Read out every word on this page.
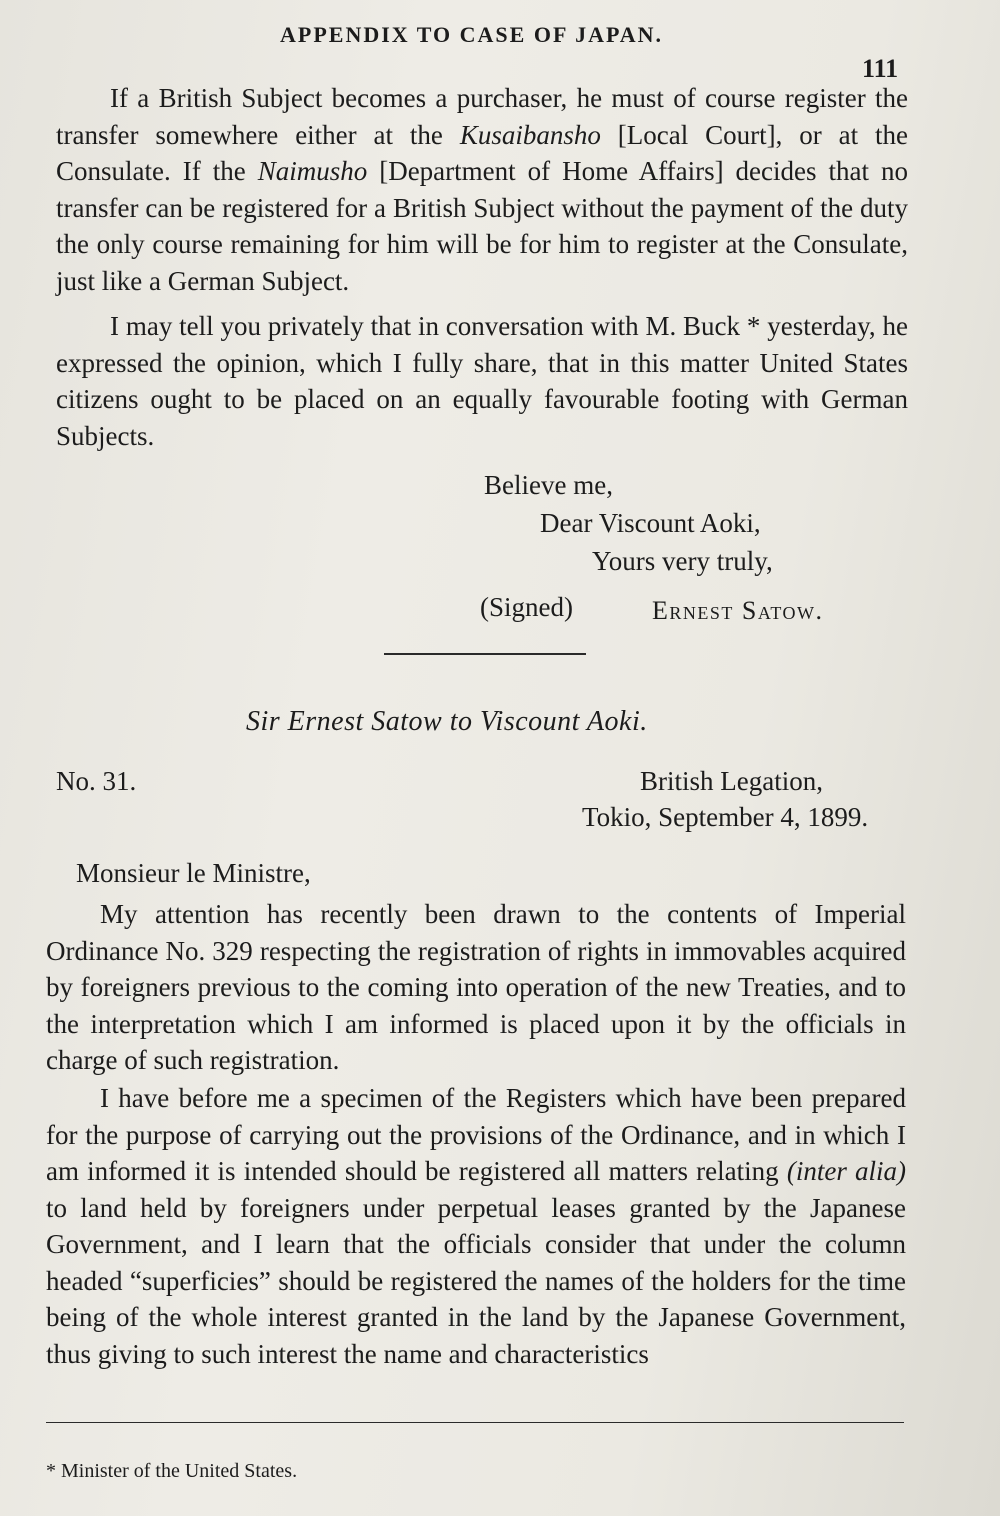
APPENDIX TO CASE OF JAPAN.
111

If a British Subject becomes a purchaser, he must of course register the transfer somewhere either at the Kusaibansho [Local Court], or at the Consulate. If the Naimusho [Department of Home Affairs] decides that no transfer can be registered for a British Subject without the payment of the duty the only course remaining for him will be for him to register at the Consulate, just like a German Subject.

I may tell you privately that in conversation with M. Buck * yesterday, he expressed the opinion, which I fully share, that in this matter United States citizens ought to be placed on an equally favourable footing with German Subjects.

Believe me,
Dear Viscount Aoki,
Yours very truly,
(Signed)	Ernest Satow.
Sir Ernest Satow to Viscount Aoki.
No. 31.	British Legation,
Tokio, September 4, 1899.
Monsieur le Ministre,

My attention has recently been drawn to the contents of Imperial Ordinance No. 329 respecting the registration of rights in immovables acquired by foreigners previous to the coming into operation of the new Treaties, and to the interpretation which I am informed is placed upon it by the officials in charge of such registration.

I have before me a specimen of the Registers which have been prepared for the purpose of carrying out the provisions of the Ordinance, and in which I am informed it is intended should be registered all matters relating (inter alia) to land held by foreigners under perpetual leases granted by the Japanese Government, and I learn that the officials consider that under the column headed “superficies” should be registered the names of the holders for the time being of the whole interest granted in the land by the Japanese Government, thus giving to such interest the name and characteristics

* Minister of the United States.
